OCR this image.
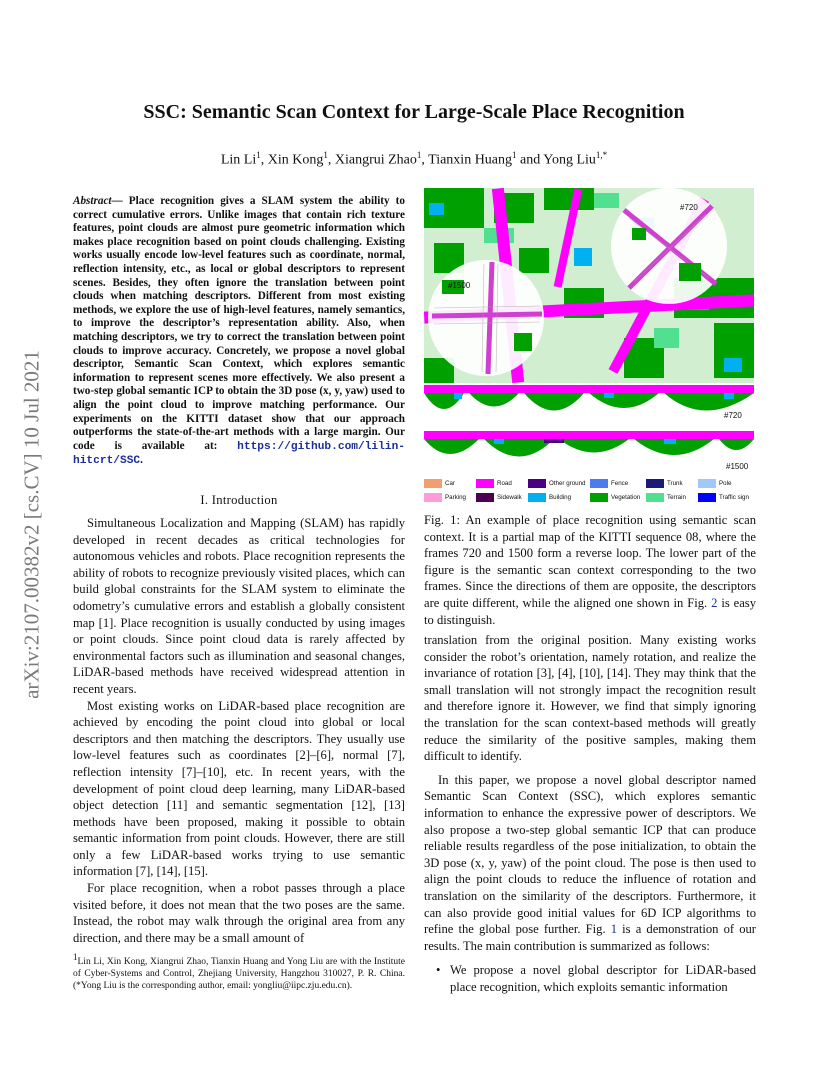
arXiv:2107.00382v2 [cs.CV] 10 Jul 2021
SSC: Semantic Scan Context for Large-Scale Place Recognition
Lin Li$^1$, Xin Kong$^1$, Xiangrui Zhao$^1$, Tianxin Huang$^1$ and Yong Liu$^{1,*}$
Abstract— Place recognition gives a SLAM system the ability to correct cumulative errors. Unlike images that contain rich texture features, point clouds are almost pure geometric information which makes place recognition based on point clouds challenging. Existing works usually encode low-level features such as coordinate, normal, reflection intensity, etc., as local or global descriptors to represent scenes. Besides, they often ignore the translation between point clouds when matching descriptors. Different from most existing methods, we explore the use of high-level features, namely semantics, to improve the descriptor’s representation ability. Also, when matching descriptors, we try to correct the translation between point clouds to improve accuracy. Concretely, we propose a novel global descriptor, Semantic Scan Context, which explores semantic information to represent scenes more effectively. We also present a two-step global semantic ICP to obtain the 3D pose (x, y, yaw) used to align the point cloud to improve matching performance. Our experiments on the KITTI dataset show that our approach outperforms the state-of-the-art methods with a large margin. Our code is available at: https://github.com/lilin-hitcrt/SSC.
I. Introduction

Simultaneous Localization and Mapping (SLAM) has rapidly developed in recent decades as critical technologies for autonomous vehicles and robots. Place recognition represents the ability of robots to recognize previously visited places, which can build global constraints for the SLAM system to eliminate the odometry’s cumulative errors and establish a globally consistent map [1]. Place recognition is usually conducted by using images or point clouds. Since point cloud data is rarely affected by environmental factors such as illumination and seasonal changes, LiDAR-based methods have received widespread attention in recent years.

Most existing works on LiDAR-based place recognition are achieved by encoding the point cloud into global or local descriptors and then matching the descriptors. They usually use low-level features such as coordinates [2]–[6], normal [7], reflection intensity [7]–[10], etc. In recent years, with the development of point cloud deep learning, many LiDAR-based object detection [11] and semantic segmentation [12], [13] methods have been proposed, making it possible to obtain semantic information from point clouds. However, there are still only a few LiDAR-based works trying to use semantic information [7], [14], [15].

For place recognition, when a robot passes through a place visited before, it does not mean that the two poses are the same. Instead, the robot may walk through the original area from any direction, and there may be a small amount of

$^1$Lin Li, Xin Kong, Xiangrui Zhao, Tianxin Huang and Yong Liu are with the Institute of Cyber-Systems and Control, Zhejiang University, Hangzhou 310027, P. R. China. (*Yong Liu is the corresponding author, email: yongliu@iipc.zju.edu.cn).
#720
#1500
#720
#1500
Car	Road	Other ground	Fence	Trunk	Pole
Parking	Sidewalk	Building	Vegetation	Terrain	Traffic sign
Fig. 1: An example of place recognition using semantic scan context. It is a partial map of the KITTI sequence 08, where the frames 720 and 1500 form a reverse loop. The lower part of the figure is the semantic scan context corresponding to the two frames. Since the directions of them are opposite, the descriptors are quite different, while the aligned one shown in Fig. 2 is easy to distinguish.

translation from the original position. Many existing works consider the robot’s orientation, namely rotation, and realize the invariance of rotation [3], [4], [10], [14]. They may think that the small translation will not strongly impact the recognition result and therefore ignore it. However, we find that simply ignoring the translation for the scan context-based methods will greatly reduce the similarity of the positive samples, making them difficult to identify.

In this paper, we propose a novel global descriptor named Semantic Scan Context (SSC), which explores semantic information to enhance the expressive power of descriptors. We also propose a two-step global semantic ICP that can produce reliable results regardless of the pose initialization, to obtain the 3D pose (x, y, yaw) of the point cloud. The pose is then used to align the point clouds to reduce the influence of rotation and translation on the similarity of the descriptors. Furthermore, it can also provide good initial values for 6D ICP algorithms to refine the global pose further. Fig. 1 is a demonstration of our results. The main contribution is summarized as follows:

• We propose a novel global descriptor for LiDAR-based place recognition, which exploits semantic information
